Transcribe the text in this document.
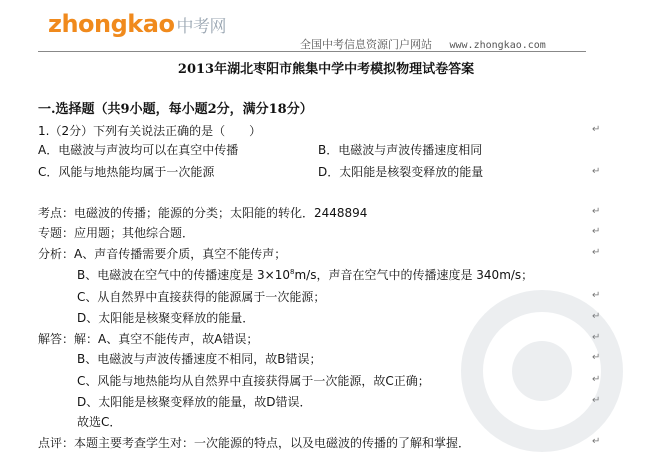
zhongkao 中考网
全国中考信息资源门户网站 www.zhongkao.com
2013年湖北枣阳市熊集中学中考模拟物理试卷答案
一.选择题（共9小题，每小题2分，满分18分）
1.（2分）下列有关说法正确的是（　　）
A．电磁波与声波均可以在真空中传播	B．电磁波与声波传播速度相同
C．风能与地热能均属于一次能源	D．太阳能是核裂变释放的能量
考点：电磁波的传播；能源的分类；太阳能的转化．2448894
专题：应用题；其他综合题．
分析：A、声音传播需要介质，真空不能传声；
B、电磁波在空气中的传播速度是 $3\times 10^8m/s$，声音在空气中的传播速度是 340m/s；
C、从自然界中直接获得的能源属于一次能源；
D、太阳能是核聚变释放的能量．
解答：解：A、真空不能传声，故A错误；
B、电磁波与声波传播速度不相同，故B错误；
C、风能与地热能均从自然界中直接获得属于一次能源，故C正确；
D、太阳能是核聚变释放的能量，故D错误．
故选C．
点评：本题主要考查学生对：一次能源的特点，以及电磁波的传播的了解和掌握．
↵
↵
↵
↵
↵
↵
↵
↵
↵
↵
↵
↵
